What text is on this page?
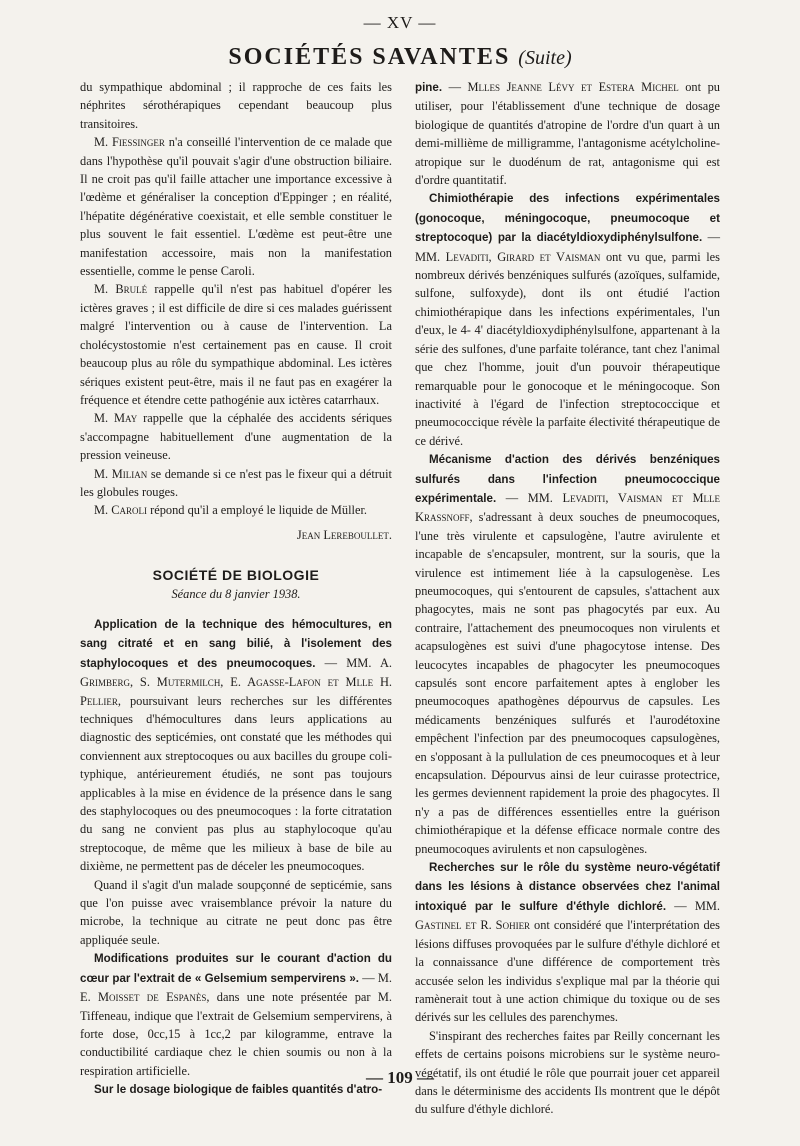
— XV —
SOCIÉTÉS SAVANTES (Suite)

du sympathique abdominal ; il rapproche de ces faits les néphrites sérothérapiques cependant beaucoup plus transitoires.

M. Fiessinger n'a conseillé l'intervention de ce malade que dans l'hypothèse qu'il pouvait s'agir d'une obstruction biliaire. Il ne croit pas qu'il faille attacher une importance excessive à l'œdème et généraliser la conception d'Eppinger ; en réalité, l'hépatite dégénérative coexistait, et elle semble constituer le plus souvent le fait essentiel. L'œdème est peut-être une manifestation accessoire, mais non la manifestation essentielle, comme le pense Caroli.

M. Brulé rappelle qu'il n'est pas habituel d'opérer les ictères graves ; il est difficile de dire si ces malades guérissent malgré l'intervention ou à cause de l'intervention. La cholécystostomie n'est certainement pas en cause. Il croit beaucoup plus au rôle du sympathique abdominal. Les ictères sériques existent peut-être, mais il ne faut pas en exagérer la fréquence et étendre cette pathogénie aux ictères catarrhaux.

M. May rappelle que la céphalée des accidents sériques s'accompagne habituellement d'une augmentation de la pression veineuse.

M. Milian se demande si ce n'est pas le fixeur qui a détruit les globules rouges.

M. Caroli répond qu'il a employé le liquide de Müller.

Jean Lereboullet.

SOCIÉTÉ DE BIOLOGIE

Séance du 8 janvier 1938.

Application de la technique des hémocultures, en sang citraté et en sang bilié, à l'isolement des staphylocoques et des pneumocoques. — MM. A. Grimberg, S. Mutermilch, E. Agasse-Lafon et Mlle H. Pellier, poursuivant leurs recherches sur les différentes techniques d'hémocultures dans leurs applications au diagnostic des septicémies, ont constaté que les méthodes qui conviennent aux streptocoques ou aux bacilles du groupe coli-typhique, antérieurement étudiés, ne sont pas toujours applicables à la mise en évidence de la présence dans le sang des staphylocoques ou des pneumocoques : la forte citratation du sang ne convient pas plus au staphylocoque qu'au streptocoque, de même que les milieux à base de bile au dixième, ne permettent pas de déceler les pneumocoques.

Quand il s'agit d'un malade soupçonné de septicémie, sans que l'on puisse avec vraisemblance prévoir la nature du microbe, la technique au citrate ne peut donc pas être appliquée seule.

Modifications produites sur le courant d'action du cœur par l'extrait de « Gelsemium sempervirens ». — M. E. Moisset de Espanès, dans une note présentée par M. Tiffeneau, indique que l'extrait de Gelsemium sempervirens, à forte dose, 0cc,15 à 1cc,2 par kilogramme, entrave la conductibilité cardiaque chez le chien soumis ou non à la respiration artificielle.

Sur le dosage biologique de faibles quantités d'atro-

pine. — Mlles Jeanne Lévy et Estera Michel ont pu utiliser, pour l'établissement d'une technique de dosage biologique de quantités d'atropine de l'ordre d'un quart à un demi-millième de milligramme, l'antagonisme acétylcholine-atropique sur le duodénum de rat, antagonisme qui est d'ordre quantitatif.

Chimiothérapie des infections expérimentales (gonocoque, méningocoque, pneumocoque et streptocoque) par la diacétyldioxydiphénylsulfone. — MM. Levaditi, Girard et Vaisman ont vu que, parmi les nombreux dérivés benzéniques sulfurés (azoïques, sulfamide, sulfone, sulfoxyde), dont ils ont étudié l'action chimiothérapique dans les infections expérimentales, l'un d'eux, le 4- 4' diacétyldioxydiphénylsulfone, appartenant à la série des sulfones, d'une parfaite tolérance, tant chez l'animal que chez l'homme, jouit d'un pouvoir thérapeutique remarquable pour le gonocoque et le méningocoque. Son inactivité à l'égard de l'infection streptococcique et pneumococcique révèle la parfaite électivité thérapeutique de ce dérivé.

Mécanisme d'action des dérivés benzéniques sulfurés dans l'infection pneumococcique expérimentale. — MM. Levaditi, Vaisman et Mlle Krassnoff, s'adressant à deux souches de pneumocoques, l'une très virulente et capsulogène, l'autre avirulente et incapable de s'encapsuler, montrent, sur la souris, que la virulence est intimement liée à la capsulogenèse. Les pneumocoques, qui s'entourent de capsules, s'attachent aux phagocytes, mais ne sont pas phagocytés par eux. Au contraire, l'attachement des pneumocoques non virulents et acapsulogènes est suivi d'une phagocytose intense. Des leucocytes incapables de phagocyter les pneumocoques capsulés sont encore parfaitement aptes à englober les pneumocoques apathogènes dépourvus de capsules. Les médicaments benzéniques sulfurés et l'aurodétoxine empêchent l'infection par des pneumocoques capsulogènes, en s'opposant à la pullulation de ces pneumocoques et à leur encapsulation. Dépourvus ainsi de leur cuirasse protectrice, les germes deviennent rapidement la proie des phagocytes. Il n'y a pas de différences essentielles entre la guérison chimiothérapique et la défense efficace normale contre des pneumocoques avirulents et non capsulogènes.

Recherches sur le rôle du système neuro-végétatif dans les lésions à distance observées chez l'animal intoxiqué par le sulfure d'éthyle dichloré. — MM. Gastinel et R. Sohier ont considéré que l'interprétation des lésions diffuses provoquées par le sulfure d'éthyle dichloré et la connaissance d'une différence de comportement très accusée selon les individus s'explique mal par la théorie qui ramènerait tout à une action chimique du toxique ou de ses dérivés sur les cellules des parenchymes.

S'inspirant des recherches faites par Reilly concernant les effets de certains poisons microbiens sur le système neuro-végétatif, ils ont étudié le rôle que pourrait jouer cet appareil dans le déterminisme des accidents Ils montrent que le dépôt du sulfure d'éthyle dichloré.

— 109 —
